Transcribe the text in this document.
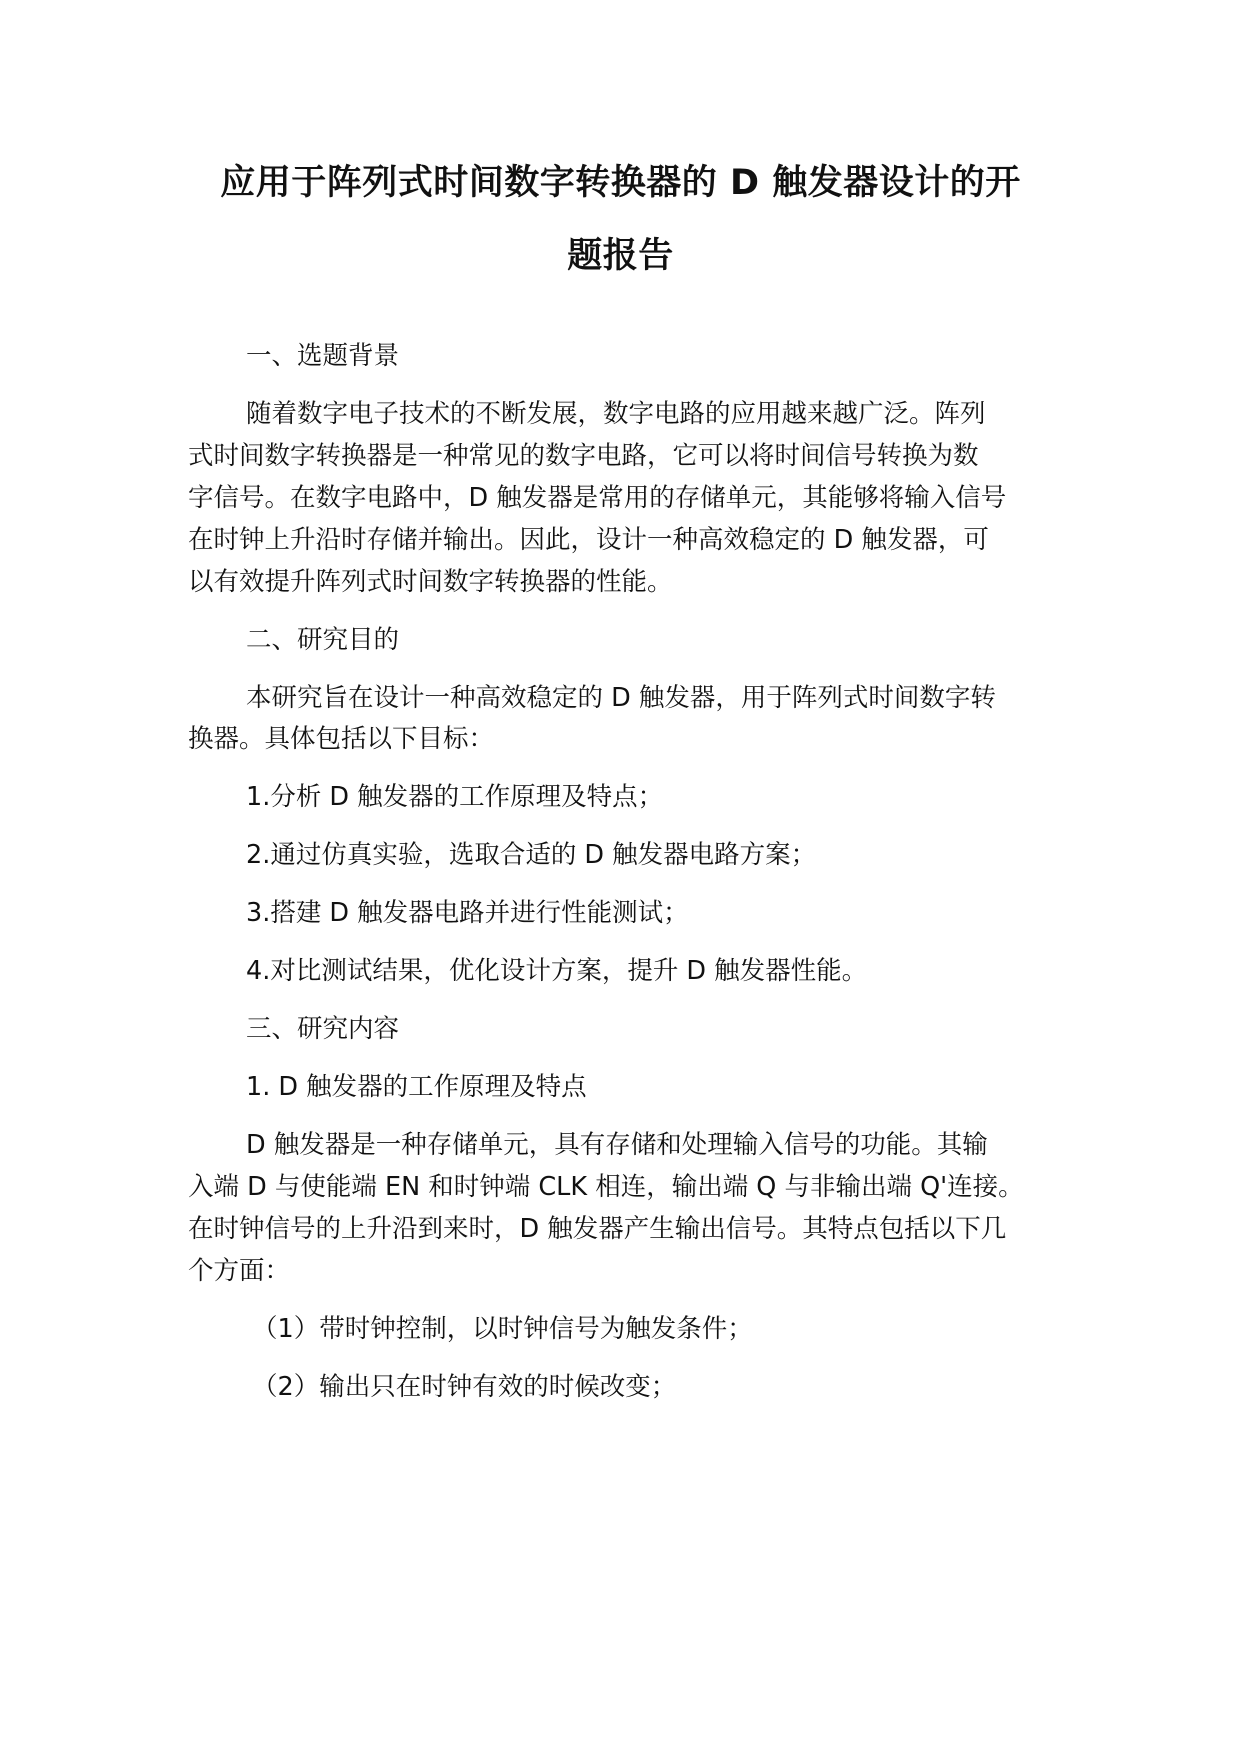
应用于阵列式时间数字转换器的 D 触发器设计的开
题报告
一、选题背景
随着数字电子技术的不断发展，数字电路的应用越来越广泛。阵列
式时间数字转换器是一种常见的数字电路，它可以将时间信号转换为数
字信号。在数字电路中，D 触发器是常用的存储单元，其能够将输入信号
在时钟上升沿时存储并输出。因此，设计一种高效稳定的 D 触发器，可
以有效提升阵列式时间数字转换器的性能。
二、研究目的
本研究旨在设计一种高效稳定的 D 触发器，用于阵列式时间数字转
换器。具体包括以下目标：
1.分析 D 触发器的工作原理及特点；
2.通过仿真实验，选取合适的 D 触发器电路方案；
3.搭建 D 触发器电路并进行性能测试；
4.对比测试结果，优化设计方案，提升 D 触发器性能。
三、研究内容
1. D 触发器的工作原理及特点
D 触发器是一种存储单元，具有存储和处理输入信号的功能。其输
入端 D 与使能端 EN 和时钟端 CLK 相连，输出端 Q 与非输出端 Q'连接。
在时钟信号的上升沿到来时，D 触发器产生输出信号。其特点包括以下几
个方面：
（1）带时钟控制，以时钟信号为触发条件；
（2）输出只在时钟有效的时候改变；
